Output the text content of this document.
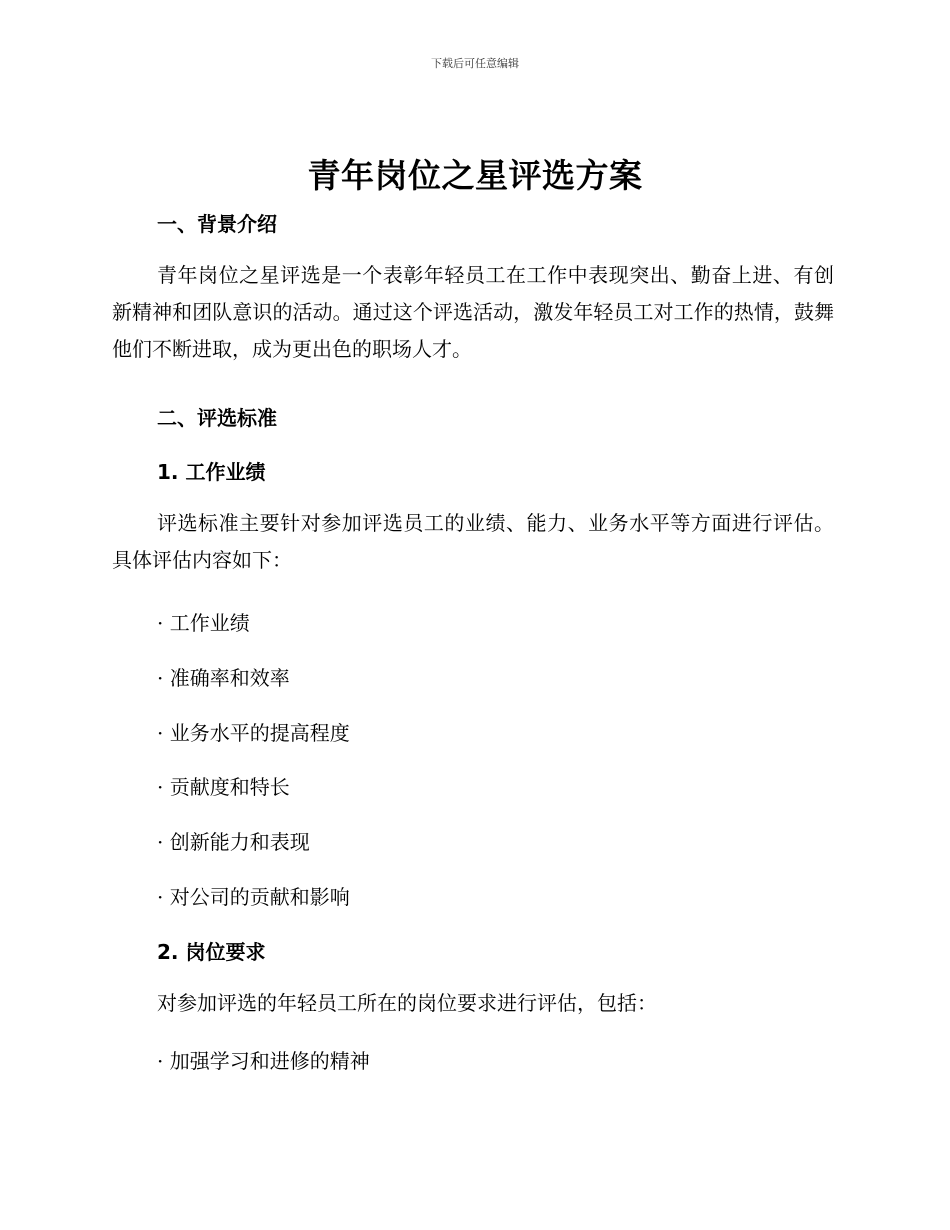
下载后可任意编辑
青年岗位之星评选方案
一、背景介绍
青年岗位之星评选是一个表彰年轻员工在工作中表现突出、勤奋上进、有创新精神和团队意识的活动。通过这个评选活动，激发年轻员工对工作的热情，鼓舞他们不断进取，成为更出色的职场人才。
二、评选标准
1. 工作业绩
评选标准主要针对参加评选员工的业绩、能力、业务水平等方面进行评估。具体评估内容如下：
· 工作业绩
· 准确率和效率
· 业务水平的提高程度
· 贡献度和特长
· 创新能力和表现
· 对公司的贡献和影响
2. 岗位要求
对参加评选的年轻员工所在的岗位要求进行评估，包括：
· 加强学习和进修的精神
